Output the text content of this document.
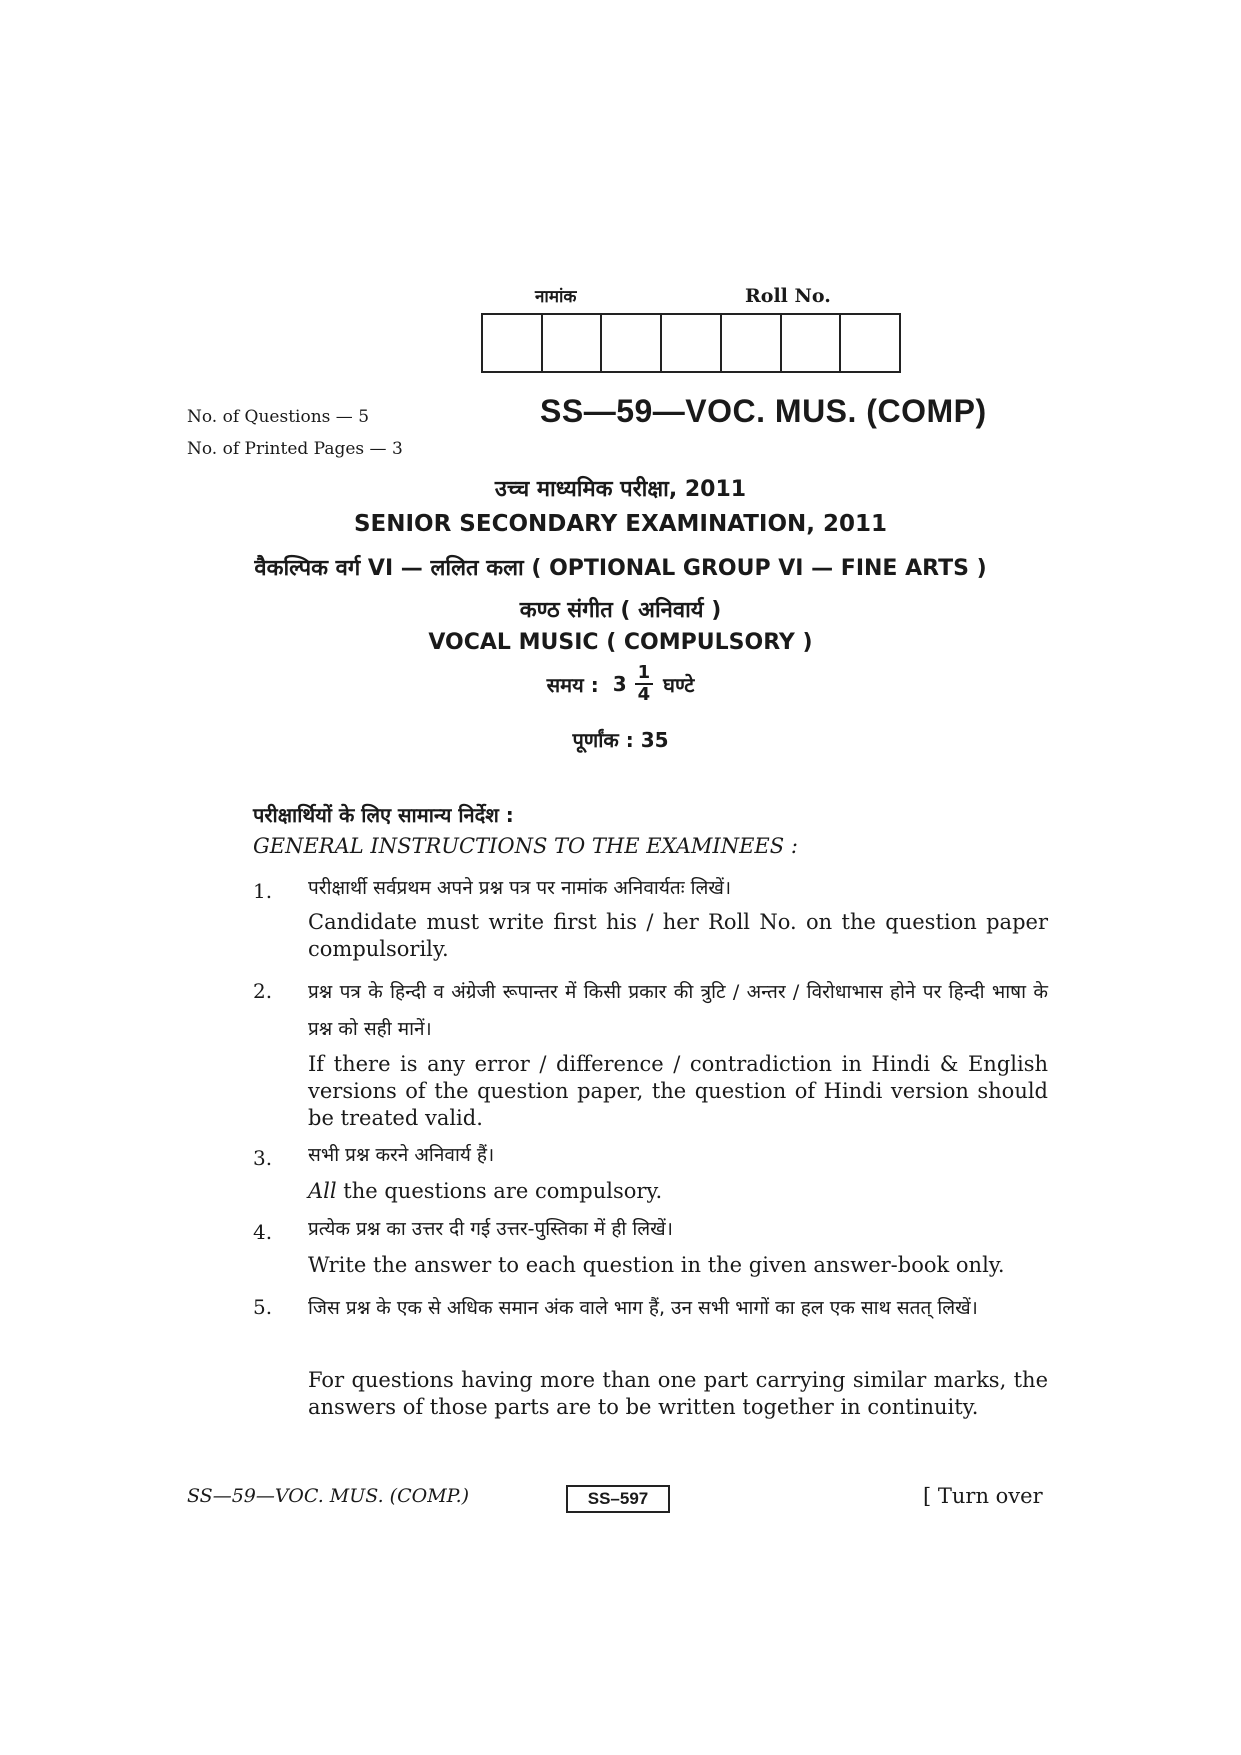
नामांक	Roll No.
No. of Questions — 5
No. of Printed Pages — 3
SS—59—VOC. MUS. (COMP)
उच्च माध्यमिक परीक्षा, 2011
SENIOR SECONDARY EXAMINATION, 2011
वैकल्पिक वर्ग VI — ललित कला ( OPTIONAL GROUP VI — FINE ARTS )
कण्ठ संगीत ( अनिवार्य )
VOCAL MUSIC ( COMPULSORY )
समय : $3 \frac{1}{4}$ घण्टे
पूर्णांक : 35
परीक्षार्थियों के लिए सामान्य निर्देश :
GENERAL INSTRUCTIONS TO THE EXAMINEES :
1.	परीक्षार्थी सर्वप्रथम अपने प्रश्न पत्र पर नामांक अनिवार्यतः लिखें।
Candidate must write first his / her Roll No. on the question paper compulsorily.
2.	प्रश्न पत्र के हिन्दी व अंग्रेजी रूपान्तर में किसी प्रकार की त्रुटि / अन्तर / विरोधाभास होने पर हिन्दी भाषा के प्रश्न को सही मानें।
If there is any error / difference / contradiction in Hindi & English versions of the question paper, the question of Hindi version should be treated valid.
3.	सभी प्रश्न करने अनिवार्य हैं।
All the questions are compulsory.
4.	प्रत्येक प्रश्न का उत्तर दी गई उत्तर-पुस्तिका में ही लिखें।
Write the answer to each question in the given answer-book only.
5.	जिस प्रश्न के एक से अधिक समान अंक वाले भाग हैं, उन सभी भागों का हल एक साथ सतत् लिखें।
For questions having more than one part carrying similar marks, the answers of those parts are to be written together in continuity.
SS—59—VOC. MUS. (COMP.)	SS–597	[ Turn over
